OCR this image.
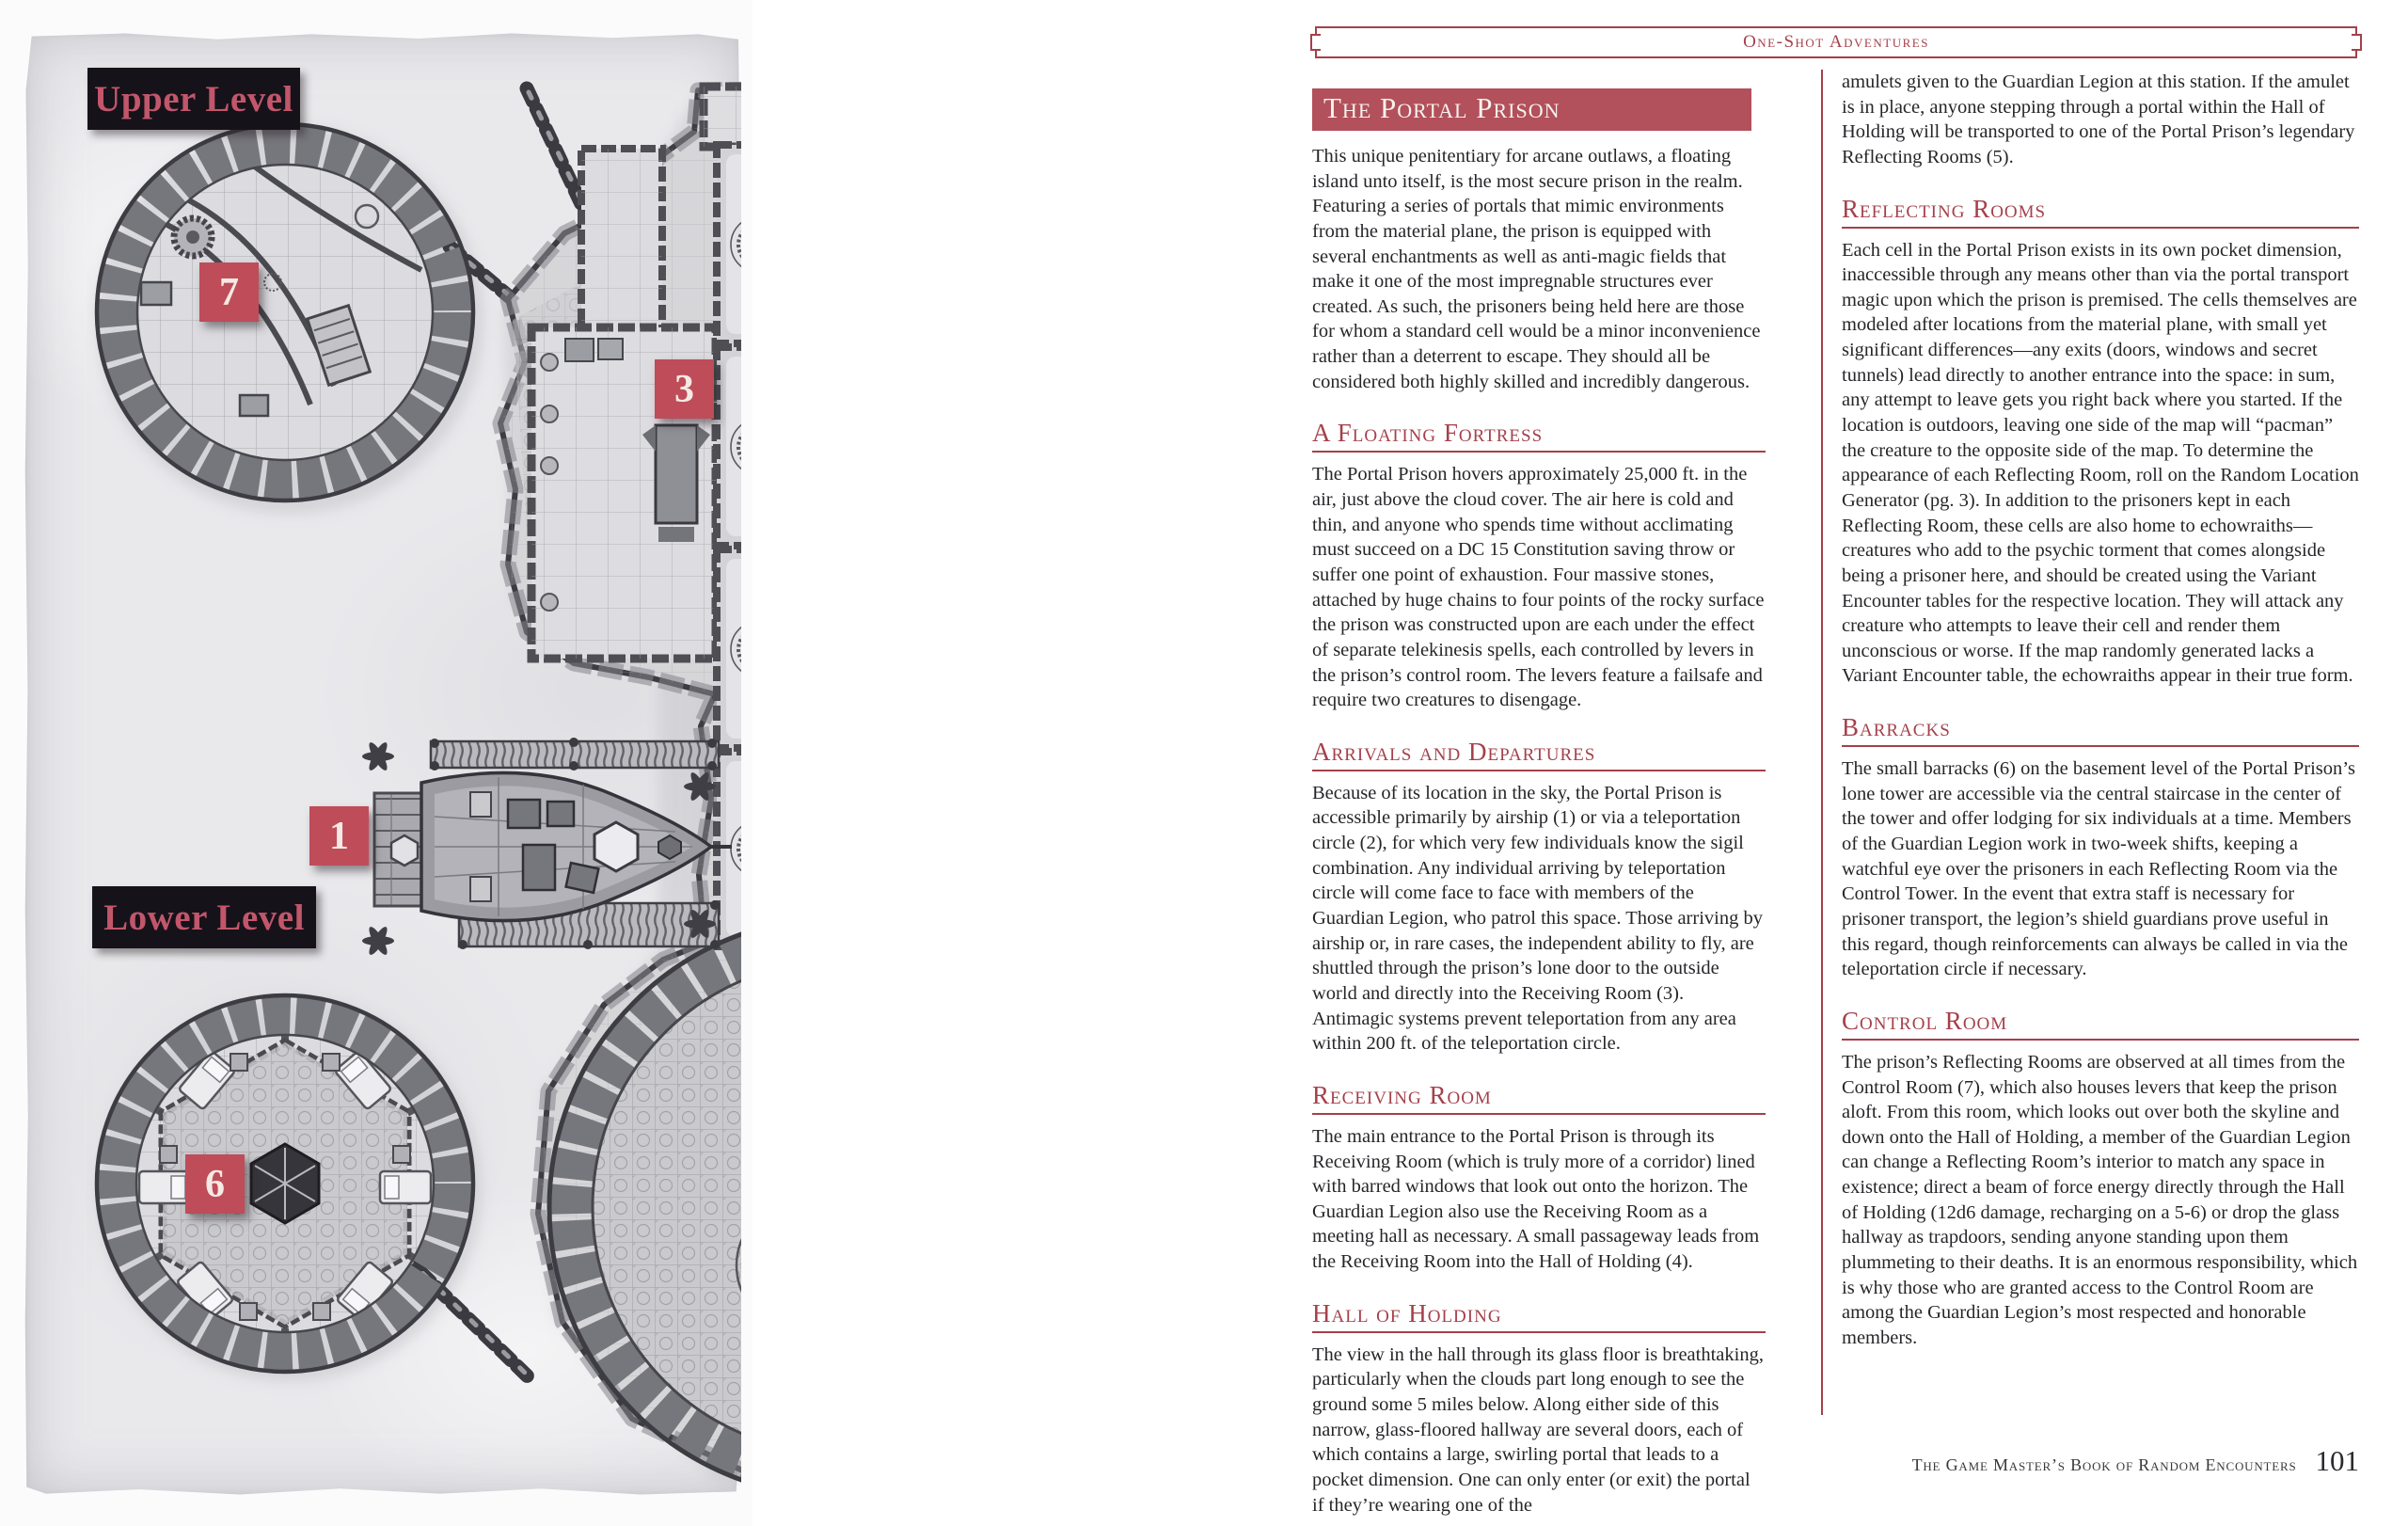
Upper Level
Lower Level
1
3
6
7
One-Shot Adventures
The Portal Prison

This unique penitentiary for arcane outlaws, a floating island unto itself, is the most secure prison in the realm. Featuring a series of portals that mimic environments from the material plane, the prison is equipped with several enchantments as well as anti-magic fields that make it one of the most impregnable structures ever created. As such, the prisoners being held here are those for whom a standard cell would be a minor inconvenience rather than a deterrent to escape. They should all be considered both highly skilled and incredibly dangerous.

A Floating Fortress

The Portal Prison hovers approximately 25,000 ft. in the air, just above the cloud cover. The air here is cold and thin, and anyone who spends time without acclimating must succeed on a DC 15 Constitution saving throw or suffer one point of exhaustion. Four massive stones, attached by huge chains to four points of the rocky surface the prison was constructed upon are each under the effect of separate telekinesis spells, each controlled by levers in the prison’s control room. The levers feature a failsafe and require two creatures to disengage.

Arrivals and Departures

Because of its location in the sky, the Portal Prison is accessible primarily by airship (1) or via a teleportation circle (2), for which very few individuals know the sigil combination. Any individual arriving by teleportation circle will come face to face with members of the Guardian Legion, who patrol this space. Those arriving by airship or, in rare cases, the independent ability to fly, are shuttled through the prison’s lone door to the outside world and directly into the Receiving Room (3). Antimagic systems prevent teleportation from any area within 200 ft. of the teleportation circle.

Receiving Room

The main entrance to the Portal Prison is through its Receiving Room (which is truly more of a corridor) lined with barred windows that look out onto the horizon. The Guardian Legion also use the Receiving Room as a meeting hall as necessary. A small passageway leads from the Receiving Room into the Hall of Holding (4).

Hall of Holding

The view in the hall through its glass floor is breathtaking, particularly when the clouds part long enough to see the ground some 5 miles below. Along either side of this narrow, glass-floored hallway are several doors, each of which contains a large, swirling portal that leads to a pocket dimension. One can only enter (or exit) the portal if they’re wearing one of the

amulets given to the Guardian Legion at this station. If the amulet is in place, anyone stepping through a portal within the Hall of Holding will be transported to one of the Portal Prison’s legendary Reflecting Rooms (5).

Reflecting Rooms

Each cell in the Portal Prison exists in its own pocket dimension, inaccessible through any means other than via the portal transport magic upon which the prison is premised. The cells themselves are modeled after locations from the material plane, with small yet significant differences—any exits (doors, windows and secret tunnels) lead directly to another entrance into the space: in sum, any attempt to leave gets you right back where you started. If the location is outdoors, leaving one side of the map will “pacman” the creature to the opposite side of the map. To determine the appearance of each Reflecting Room, roll on the Random Location Generator (pg. 3). In addition to the prisoners kept in each Reflecting Room, these cells are also home to echowraiths—creatures who add to the psychic torment that comes alongside being a prisoner here, and should be created using the Variant Encounter tables for the respective location. They will attack any creature who attempts to leave their cell and render them unconscious or worse. If the map randomly generated lacks a Variant Encounter table, the echowraiths appear in their true form.

Barracks

The small barracks (6) on the basement level of the Portal Prison’s lone tower are accessible via the central staircase in the center of the tower and offer lodging for six individuals at a time. Members of the Guardian Legion work in two-week shifts, keeping a watchful eye over the prisoners in each Reflecting Room via the Control Tower. In the event that extra staff is necessary for prisoner transport, the legion’s shield guardians prove useful in this regard, though reinforcements can always be called in via the teleportation circle if necessary.

Control Room

The prison’s Reflecting Rooms are observed at all times from the Control Room (7), which also houses levers that keep the prison aloft. From this room, which looks out over both the skyline and down onto the Hall of Holding, a member of the Guardian Legion can change a Reflecting Room’s interior to match any space in existence; direct a beam of force energy directly through the Hall of Holding (12d6 damage, recharging on a 5-6) or drop the glass hallway as trapdoors, sending anyone standing upon them plummeting to their deaths. It is an enormous responsibility, which is why those who are granted access to the Control Room are among the Guardian Legion’s most respected and honorable members.

The Game Master’s Book of Random Encounters 101
